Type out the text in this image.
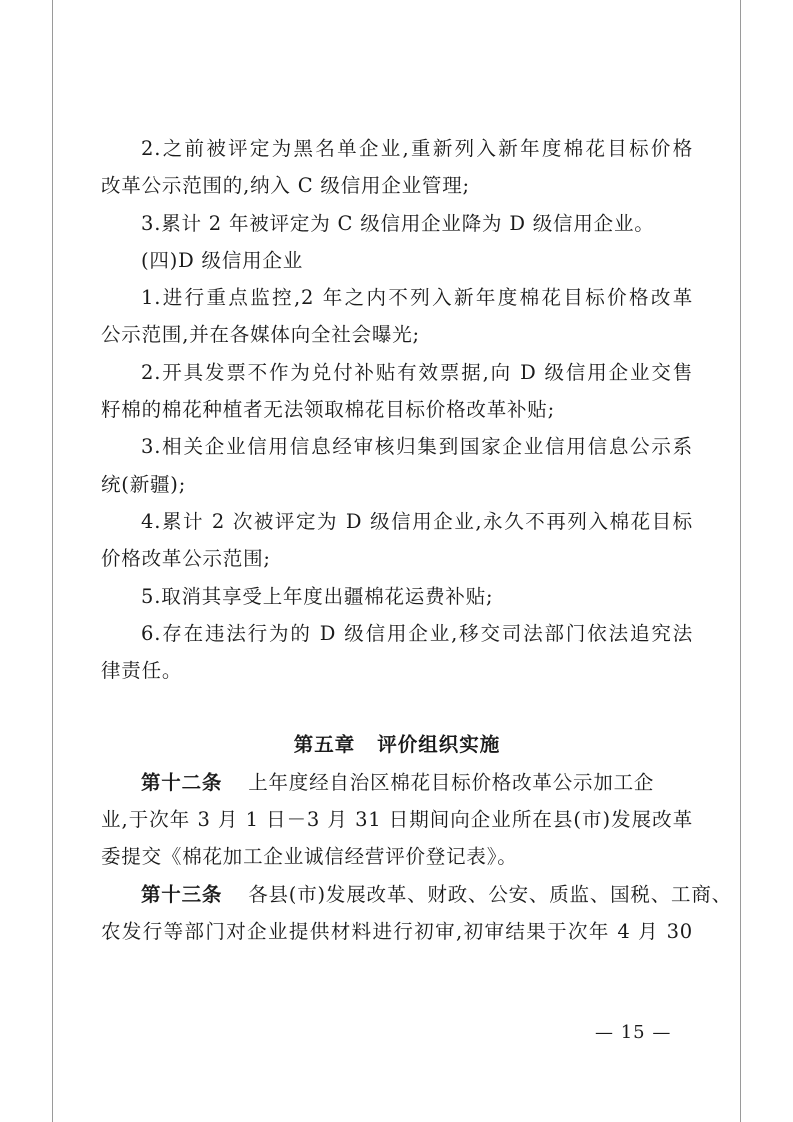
2.之前被评定为黑名单企业,重新列入新年度棉花目标价格
改革公示范围的,纳入 C 级信用企业管理;
3.累计 2 年被评定为 C 级信用企业降为 D 级信用企业。
(四)D 级信用企业
1.进行重点监控,2 年之内不列入新年度棉花目标价格改革
公示范围,并在各媒体向全社会曝光;
2.开具发票不作为兑付补贴有效票据,向 D 级信用企业交售
籽棉的棉花种植者无法领取棉花目标价格改革补贴;
3.相关企业信用信息经审核归集到国家企业信用信息公示系
统(新疆);
4.累计 2 次被评定为 D 级信用企业,永久不再列入棉花目标
价格改革公示范围;
5.取消其享受上年度出疆棉花运费补贴;
6.存在违法行为的 D 级信用企业,移交司法部门依法追究法
律责任。
第五章 评价组织实施
第十二条 上年度经自治区棉花目标价格改革公示加工企
业,于次年 3 月 1 日－3 月 31 日期间向企业所在县(市)发展改革
委提交《棉花加工企业诚信经营评价登记表》。
第十三条 各县(市)发展改革、财政、公安、质监、国税、工商、
农发行等部门对企业提供材料进行初审,初审结果于次年 4 月 30
— 15 —
